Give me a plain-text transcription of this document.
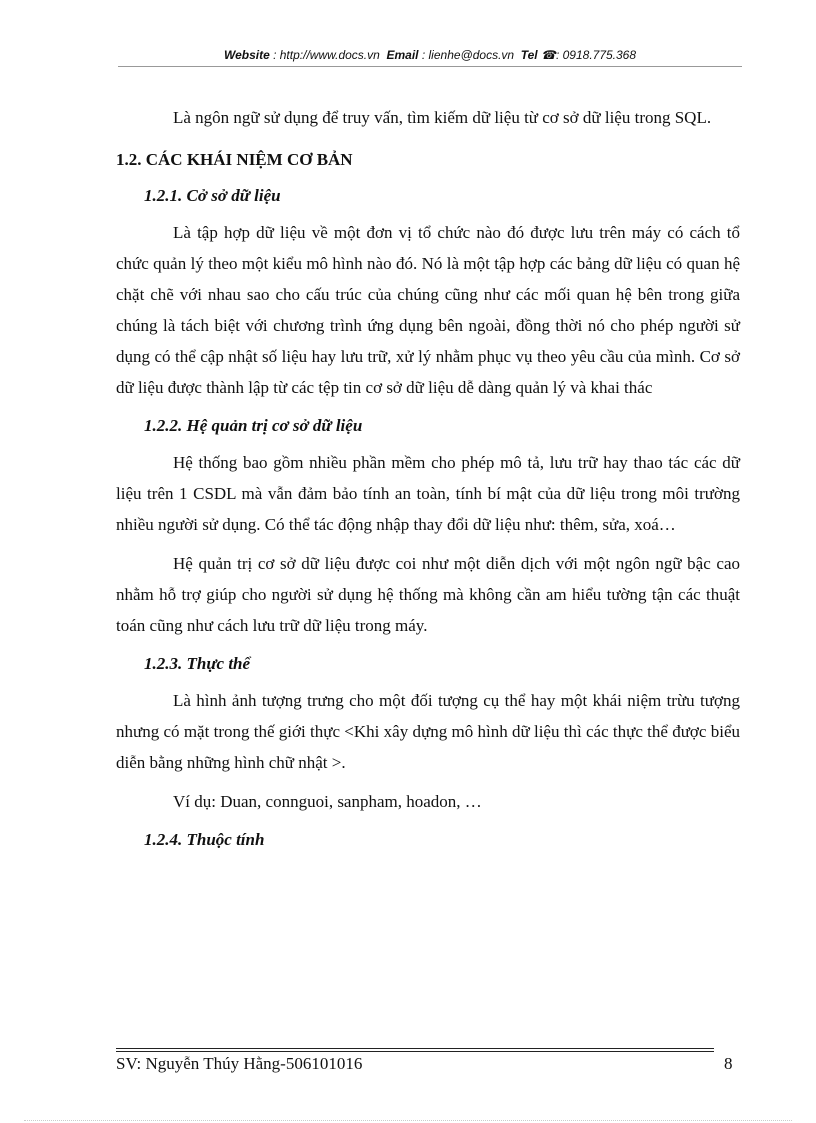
Website : http://www.docs.vn Email : lienhe@docs.vn Tel ☎: 0918.775.368

Là ngôn ngữ sử dụng để truy vấn, tìm kiếm dữ liệu từ cơ sở dữ liệu trong SQL.

1.2. CÁC KHÁI NIỆM CƠ BẢN
1.2.1. Cở sở dữ liệu

Là tập hợp dữ liệu về một đơn vị tổ chức nào đó được lưu trên máy có cách tổ chức quản lý theo một kiểu mô hình nào đó. Nó là một tập hợp các bảng dữ liệu có quan hệ chặt chẽ với nhau sao cho cấu trúc của chúng cũng như các mối quan hệ bên trong giữa chúng là tách biệt với chương trình ứng dụng bên ngoài, đồng thời nó cho phép người sử dụng có thể cập nhật số liệu hay lưu trữ, xử lý nhằm phục vụ theo yêu cầu của mình. Cơ sở dữ liệu được thành lập từ các tệp tin cơ sở dữ liệu dễ dàng quản lý và khai thác

1.2.2. Hệ quản trị cơ sở dữ liệu

Hệ thống bao gồm nhiều phần mềm cho phép mô tả, lưu trữ hay thao tác các dữ liệu trên 1 CSDL mà vẫn đảm bảo tính an toàn, tính bí mật của dữ liệu trong môi trường nhiều người sử dụng. Có thể tác động nhập thay đổi dữ liệu như: thêm, sửa, xoá…

Hệ quản trị cơ sở dữ liệu được coi như một diễn dịch với một ngôn ngữ bậc cao nhằm hỗ trợ giúp cho người sử dụng hệ thống mà không cần am hiểu tường tận các thuật toán cũng như cách lưu trữ dữ liệu trong máy.

1.2.3. Thực thể

Là hình ảnh tượng trưng cho một đối tượng cụ thể hay một khái niệm trừu tượng nhưng có mặt trong thế giới thực <Khi xây dựng mô hình dữ liệu thì các thực thể được biểu diễn bằng những hình chữ nhật >.

Ví dụ: Duan, connguoi, sanpham, hoadon, …

1.2.4. Thuộc tính
SV: Nguyễn Thúy Hằng-506101016	8
